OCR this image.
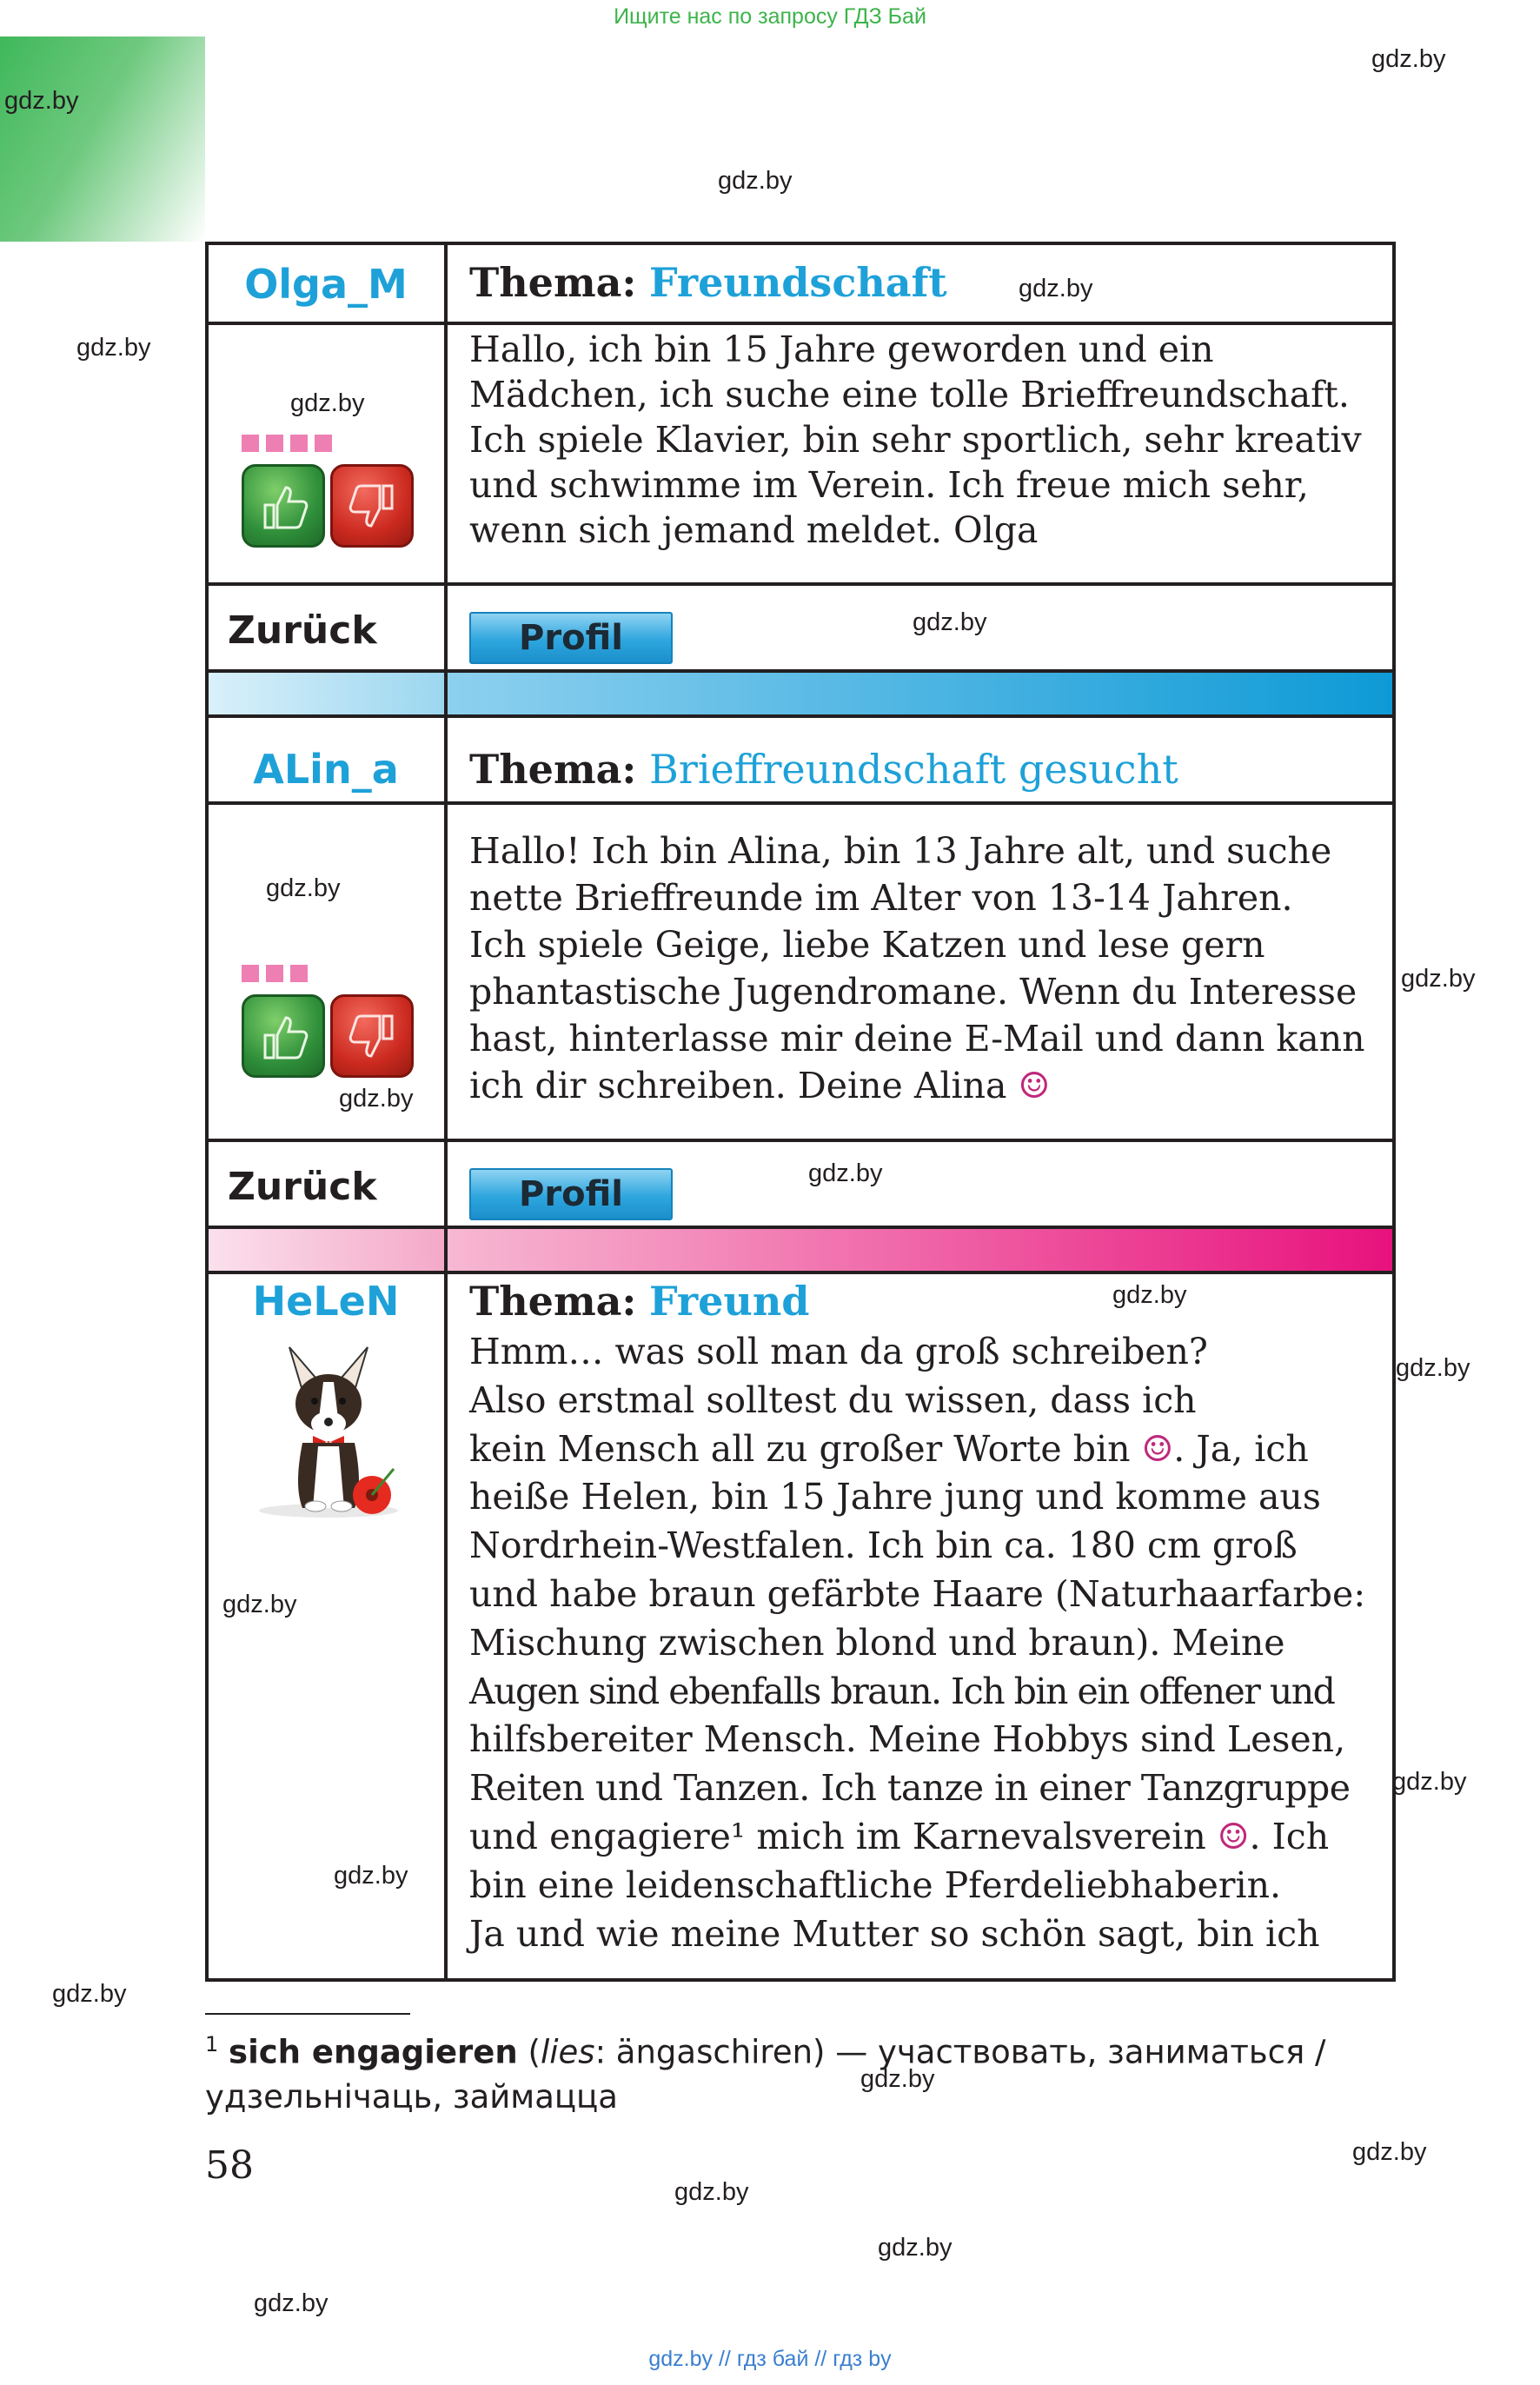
Ищите нас по запросу ГДЗ Бай
gdz.by
gdz.by
gdz.by
gdz.by
gdz.by
gdz.by
gdz.by
gdz.by
gdz.by
gdz.by
gdz.by
gdz.by
gdz.by
gdz.by
gdz.by
gdz.by
gdz.by
gdz.by
gdz.by
gdz.by
gdz.by
gdz.by
Olga_M	Thema: Freundschaft
Hallo, ich bin 15 Jahre geworden und ein
Mädchen, ich suche eine tolle Brieffreundschaft.
Ich spiele Klavier, bin sehr sportlich, sehr kreativ
und schwimme im Verein. Ich freue mich sehr,
wenn sich jemand meldet. Olga
Zurück	Profil
ALin_a	Thema: Brieffreundschaft gesucht
Hallo! Ich bin Alina, bin 13 Jahre alt, und suche
nette Brieffreunde im Alter von 13-14 Jahren.
Ich spiele Geige, liebe Katzen und lese gern
phantastische Jugendromane. Wenn du Interesse
hast, hinterlasse mir deine E-Mail und dann kann
ich dir schreiben. Deine Alina ☺
Zurück	Profil
HeLeN	Thema: Freund
Hmm… was soll man da groß schreiben?
Also erstmal solltest du wissen, dass ich
kein Mensch all zu großer Worte bin ☺. Ja, ich
heiße Helen, bin 15 Jahre jung und komme aus
Nordrhein-Westfalen. Ich bin ca. 180 cm groß
und habe braun gefärbte Haare (Naturhaarfarbe:
Mischung zwischen blond und braun). Meine
Augen sind ebenfalls braun. Ich bin ein offener und
hilfsbereiter Mensch. Meine Hobbys sind Lesen,
Reiten und Tanzen. Ich tanze in einer Tanzgruppe
und engagiere¹ mich im Karnevalsverein ☺. Ich
bin eine leidenschaftliche Pferdeliebhaberin.
Ja und wie meine Mutter so schön sagt, bin ich
$^1$ sich engagieren (lies: ängaschiren) — участвовать, заниматься / удзельнічаць, займацца
58
gdz.by // гдз бай // гдз by
